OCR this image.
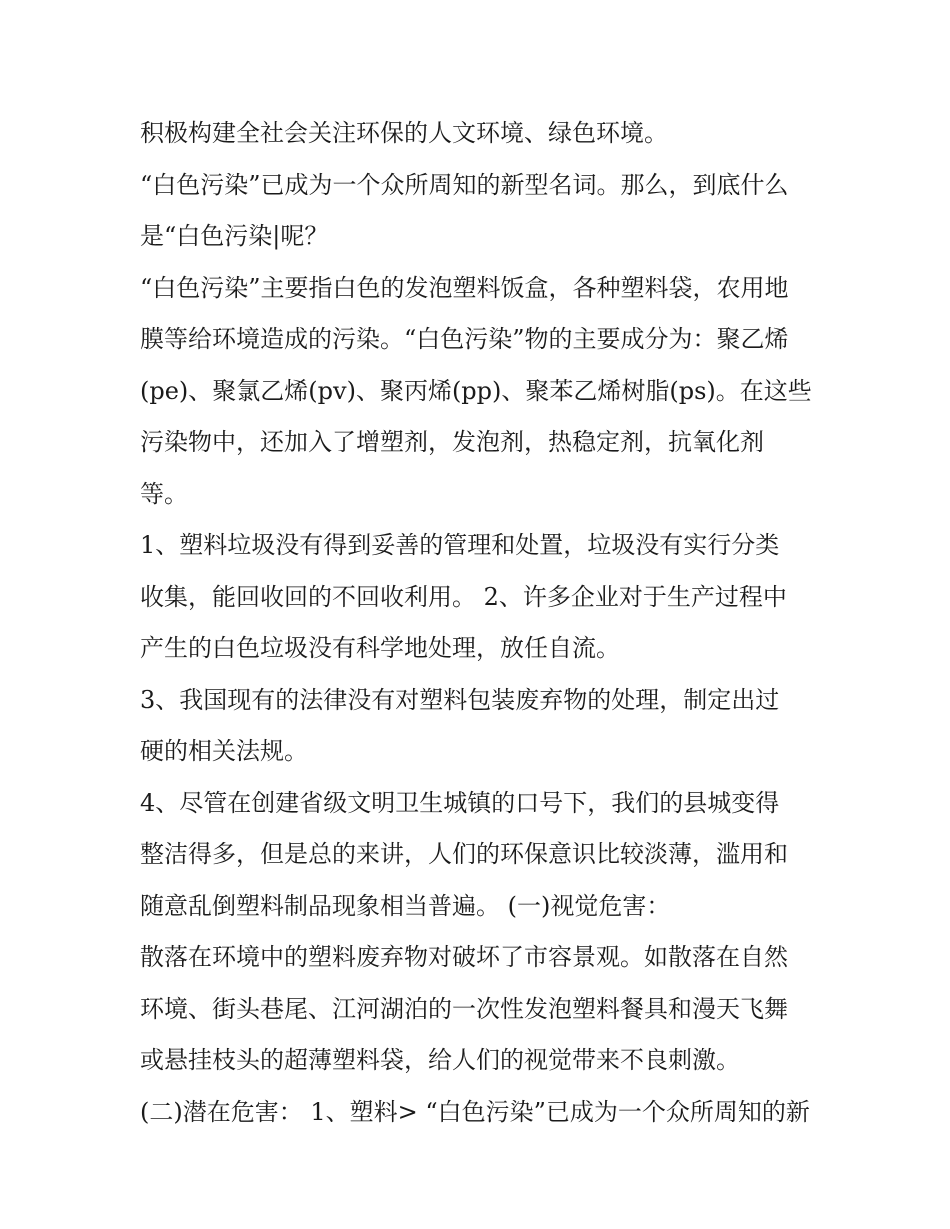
积极构建全社会关注环保的人文环境、绿色环境。

“白色污染”已成为一个众所周知的新型名词。那么，到底什么

是“白色污染|呢？

“白色污染”主要指白色的发泡塑料饭盒，各种塑料袋，农用地

膜等给环境造成的污染。“白色污染”物的主要成分为：聚乙烯

(pe)、聚氯乙烯(pv)、聚丙烯(pp)、聚苯乙烯树脂(ps)。在这些

污染物中，还加入了增塑剂，发泡剂，热稳定剂，抗氧化剂

等。

1、塑料垃圾没有得到妥善的管理和处置，垃圾没有实行分类

收集，能回收回的不回收利用。 2、许多企业对于生产过程中

产生的白色垃圾没有科学地处理，放任自流。

3、我国现有的法律没有对塑料包装废弃物的处理，制定出过

硬的相关法规。

4、尽管在创建省级文明卫生城镇的口号下，我们的县城变得

整洁得多，但是总的来讲，人们的环保意识比较淡薄，滥用和

随意乱倒塑料制品现象相当普遍。 (一)视觉危害：

散落在环境中的塑料废弃物对破坏了市容景观。如散落在自然

环境、街头巷尾、江河湖泊的一次性发泡塑料餐具和漫天飞舞

或悬挂枝头的超薄塑料袋，给人们的视觉带来不良刺激。

(二)潜在危害： 1、塑料> “白色污染”已成为一个众所周知的新
